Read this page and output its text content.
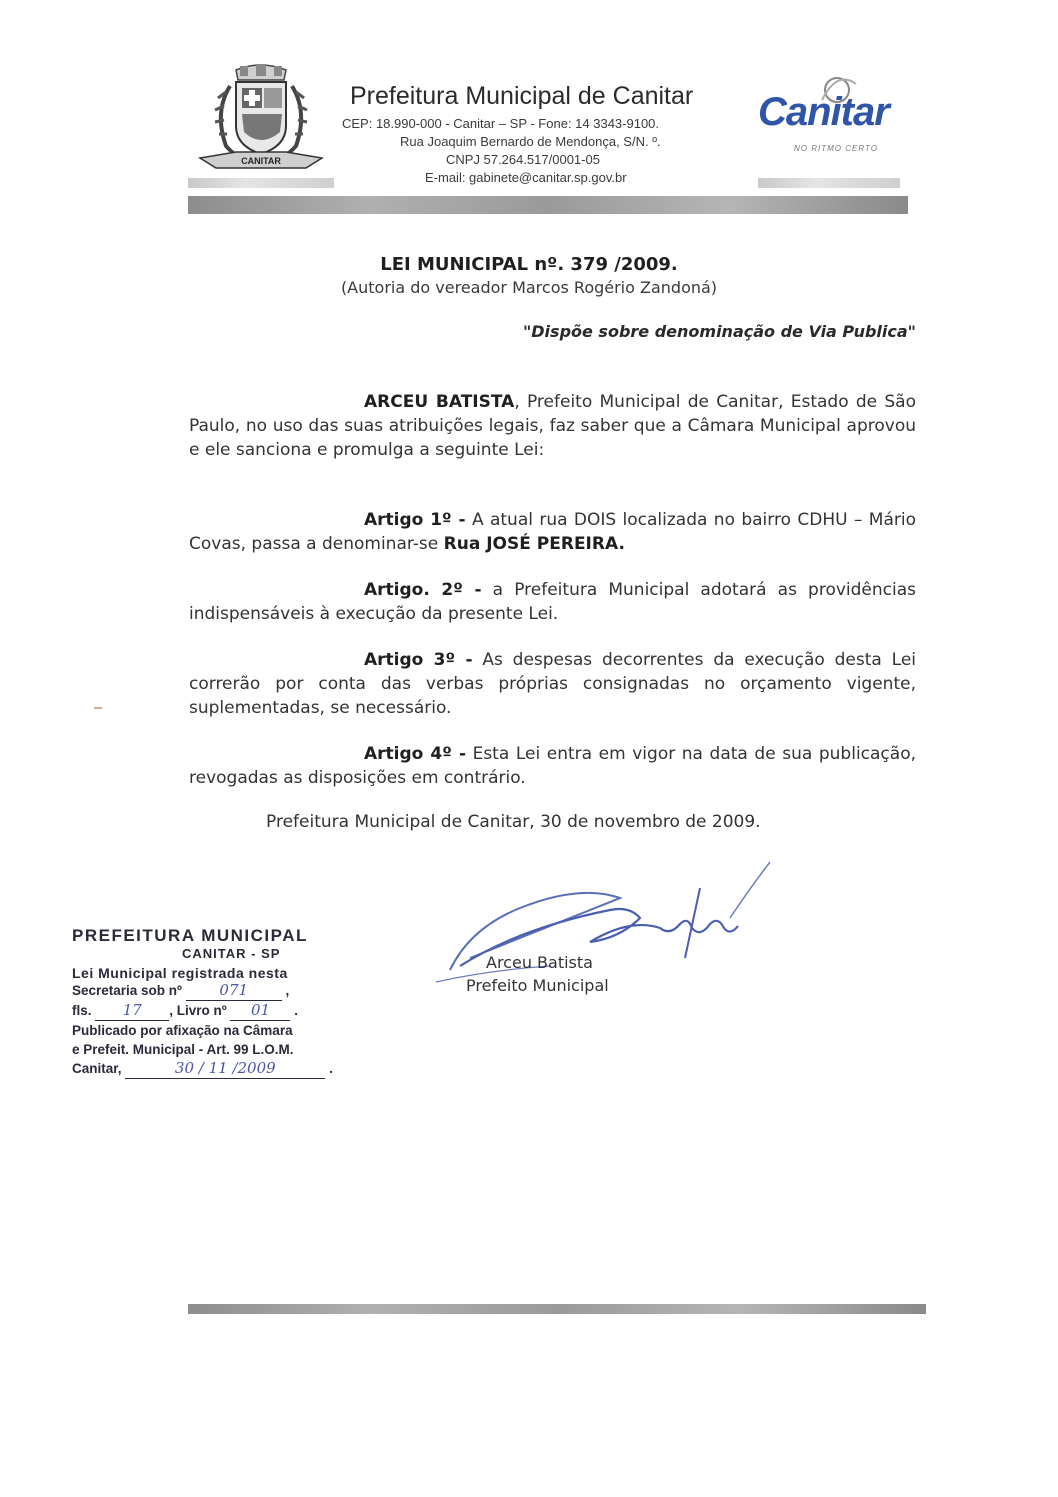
CANITAR
Prefeitura Municipal de Canitar
CEP: 18.990-000 - Canitar – SP - Fone: 14 3343-9100.
Rua Joaquim Bernardo de Mendonça, S/N. º.
CNPJ 57.264.517/0001-05
E-mail: gabinete@canitar.sp.gov.br
Canitar
NO RITMO CERTO
LEI MUNICIPAL nº. 379 /2009.
(Autoria do vereador Marcos Rogério Zandoná)
"Dispõe sobre denominação de Via Publica"
ARCEU BATISTA, Prefeito Municipal de Canitar, Estado de São Paulo, no uso das suas atribuições legais, faz saber que a Câmara Municipal aprovou e ele sanciona e promulga a seguinte Lei:
Artigo 1º - A atual rua DOIS localizada no bairro CDHU – Mário Covas, passa a denominar-se Rua JOSÉ PEREIRA.
Artigo. 2º - a Prefeitura Municipal adotará as providências indispensáveis à execução da presente Lei.
Artigo 3º - As despesas decorrentes da execução desta Lei correrão por conta das verbas próprias consignadas no orçamento vigente, suplementadas, se necessário.
Artigo 4º - Esta Lei entra em vigor na data de sua publicação, revogadas as disposições em contrário.
Prefeitura Municipal de Canitar, 30 de novembro de 2009.
Arceu Batista
Prefeito Municipal
PREFEITURA MUNICIPAL
CANITAR - SP
Lei Municipal registrada nesta
Secretaria sob nº 071	,
fls. 17 , Livro nº 01 .
Publicado por afixação na Câmara
e Prefeit. Municipal - Art. 99 L.O.M.
Canitar,	30 / 11 /2009	.
